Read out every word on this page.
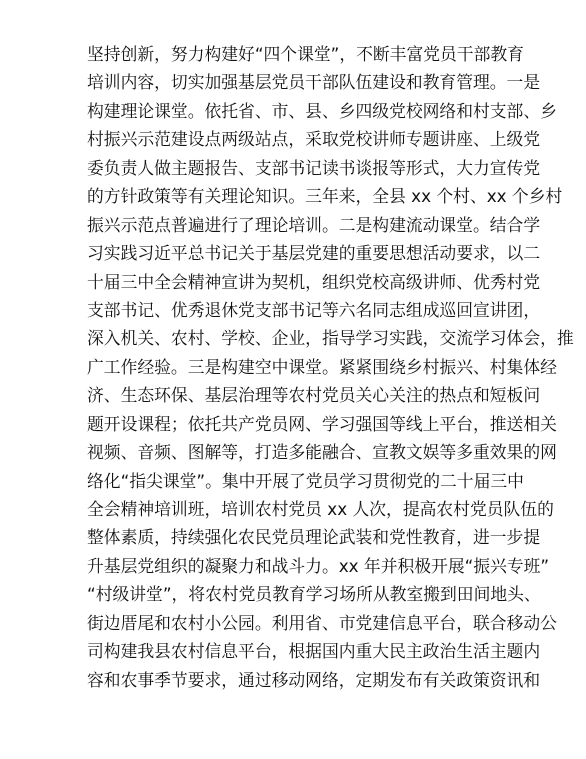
坚持创新，努力构建好“四个课堂”，不断丰富党员干部教育
培训内容，切实加强基层党员干部队伍建设和教育管理。一是
构建理论课堂。依托省、市、县、乡四级党校网络和村支部、乡
村振兴示范建设点两级站点，采取党校讲师专题讲座、上级党
委负责人做主题报告、支部书记读书谈报等形式，大力宣传党
的方针政策等有关理论知识。三年来，全县 xx 个村、xx 个乡村
振兴示范点普遍进行了理论培训。二是构建流动课堂。结合学
习实践习近平总书记关于基层党建的重要思想活动要求，以二
十届三中全会精神宣讲为契机，组织党校高级讲师、优秀村党
支部书记、优秀退休党支部书记等六名同志组成巡回宣讲团，
深入机关、农村、学校、企业，指导学习实践，交流学习体会，推
广工作经验。三是构建空中课堂。紧紧围绕乡村振兴、村集体经
济、生态环保、基层治理等农村党员关心关注的热点和短板问
题开设课程；依托共产党员网、学习强国等线上平台，推送相关
视频、音频、图解等，打造多能融合、宣教文娱等多重效果的网
络化“指尖课堂”。集中开展了党员学习贯彻党的二十届三中
全会精神培训班，培训农村党员 xx 人次，提高农村党员队伍的
整体素质，持续强化农民党员理论武装和党性教育，进一步提
升基层党组织的凝聚力和战斗力。xx 年并积极开展“振兴专班”
“村级讲堂”，将农村党员教育学习场所从教室搬到田间地头、
街边厝尾和农村小公园。利用省、市党建信息平台，联合移动公
司构建我县农村信息平台，根据国内重大民主政治生活主题内
容和农事季节要求，通过移动网络，定期发布有关政策资讯和
